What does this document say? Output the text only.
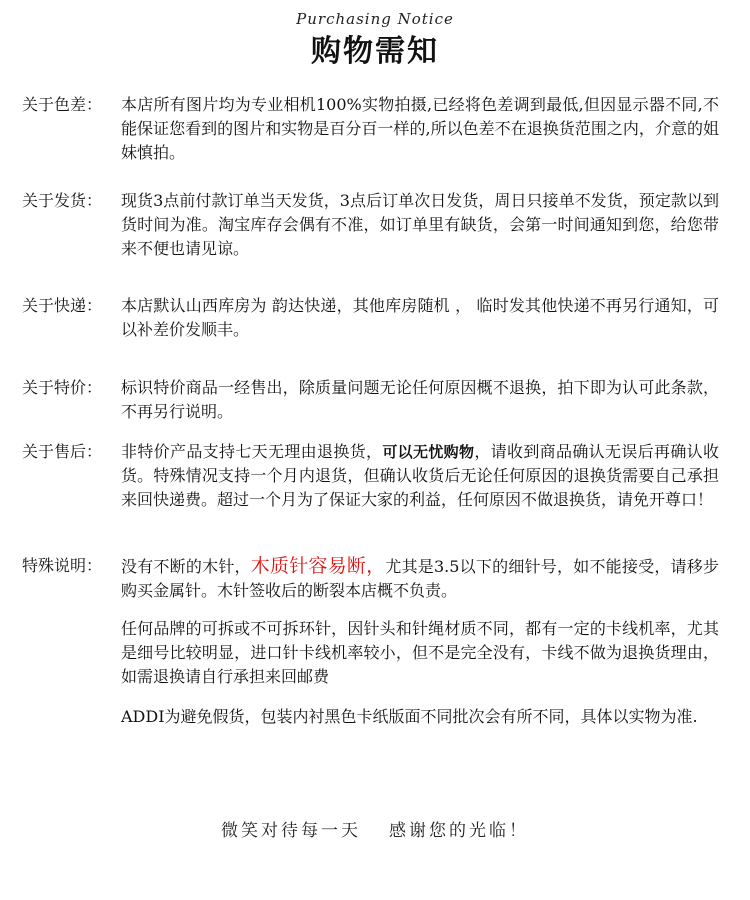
Purchasing Notice
购物需知
关于色差：	本店所有图片均为专业相机100%实物拍摄,已经将色差调到最低,但因显示器不同,不能保证您看到的图片和实物是百分百一样的,所以色差不在退换货范围之内，介意的姐妹慎拍。
关于发货：	现货3点前付款订单当天发货，3点后订单次日发货，周日只接单不发货，预定款以到货时间为准。淘宝库存会偶有不准，如订单里有缺货，会第一时间通知到您，给您带来不便也请见谅。
关于快递：	本店默认山西库房为 韵达快递，其他库房随机 ， 临时发其他快递不再另行通知，可以补差价发顺丰。
关于特价：	标识特价商品一经售出，除质量问题无论任何原因概不退换，拍下即为认可此条款，不再另行说明。
关于售后：	非特价产品支持七天无理由退换货，可以无忧购物，请收到商品确认无误后再确认收货。特殊情况支持一个月内退货，但确认收货后无论任何原因的退换货需要自己承担来回快递费。超过一个月为了保证大家的利益，任何原因不做退换货，请免开尊口！
特殊说明：	没有不断的木针，木质针容易断，尤其是3.5以下的细针号，如不能接受，请移步购买金属针。木针签收后的断裂本店概不负责。
任何品牌的可拆或不可拆环针，因针头和针绳材质不同，都有一定的卡线机率，尤其是细号比较明显，进口针卡线机率较小，但不是完全没有，卡线不做为退换货理由，如需退换请自行承担来回邮费
ADDI为避免假货，包装内衬黑色卡纸版面不同批次会有所不同，具体以实物为准.
微笑对待每一天 感谢您的光临！
